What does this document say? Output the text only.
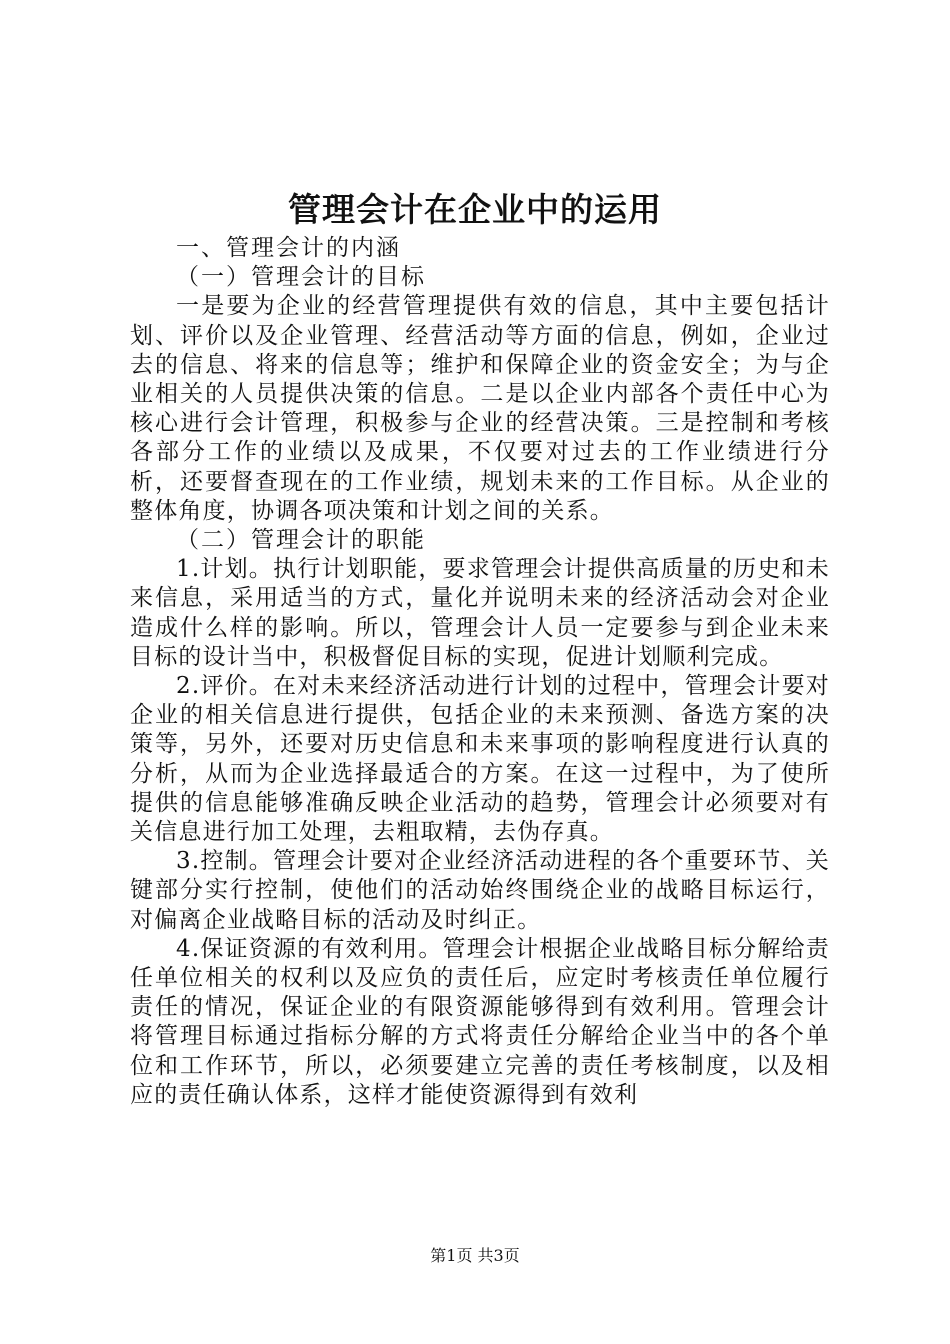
管理会计在企业中的运用

一、管理会计的内涵

（一）管理会计的目标

一是要为企业的经营管理提供有效的信息，其中主要包括计划、评价以及企业管理、经营活动等方面的信息，例如，企业过去的信息、将来的信息等；维护和保障企业的资金安全；为与企业相关的人员提供决策的信息。二是以企业内部各个责任中心为核心进行会计管理，积极参与企业的经营决策。三是控制和考核各部分工作的业绩以及成果，不仅要对过去的工作业绩进行分析，还要督查现在的工作业绩，规划未来的工作目标。从企业的整体角度，协调各项决策和计划之间的关系。

（二）管理会计的职能

1.计划。执行计划职能，要求管理会计提供高质量的历史和未来信息，采用适当的方式，量化并说明未来的经济活动会对企业造成什么样的影响。所以，管理会计人员一定要参与到企业未来目标的设计当中，积极督促目标的实现，促进计划顺利完成。

2.评价。在对未来经济活动进行计划的过程中，管理会计要对企业的相关信息进行提供，包括企业的未来预测、备选方案的决策等，另外，还要对历史信息和未来事项的影响程度进行认真的分析，从而为企业选择最适合的方案。在这一过程中，为了使所提供的信息能够准确反映企业活动的趋势，管理会计必须要对有关信息进行加工处理，去粗取精，去伪存真。

3.控制。管理会计要对企业经济活动进程的各个重要环节、关键部分实行控制，使他们的活动始终围绕企业的战略目标运行，对偏离企业战略目标的活动及时纠正。

4.保证资源的有效利用。管理会计根据企业战略目标分解给责任单位相关的权利以及应负的责任后，应定时考核责任单位履行责任的情况，保证企业的有限资源能够得到有效利用。管理会计将管理目标通过指标分解的方式将责任分解给企业当中的各个单位和工作环节，所以，必须要建立完善的责任考核制度，以及相应的责任确认体系，这样才能使资源得到有效利

第1页 共3页
